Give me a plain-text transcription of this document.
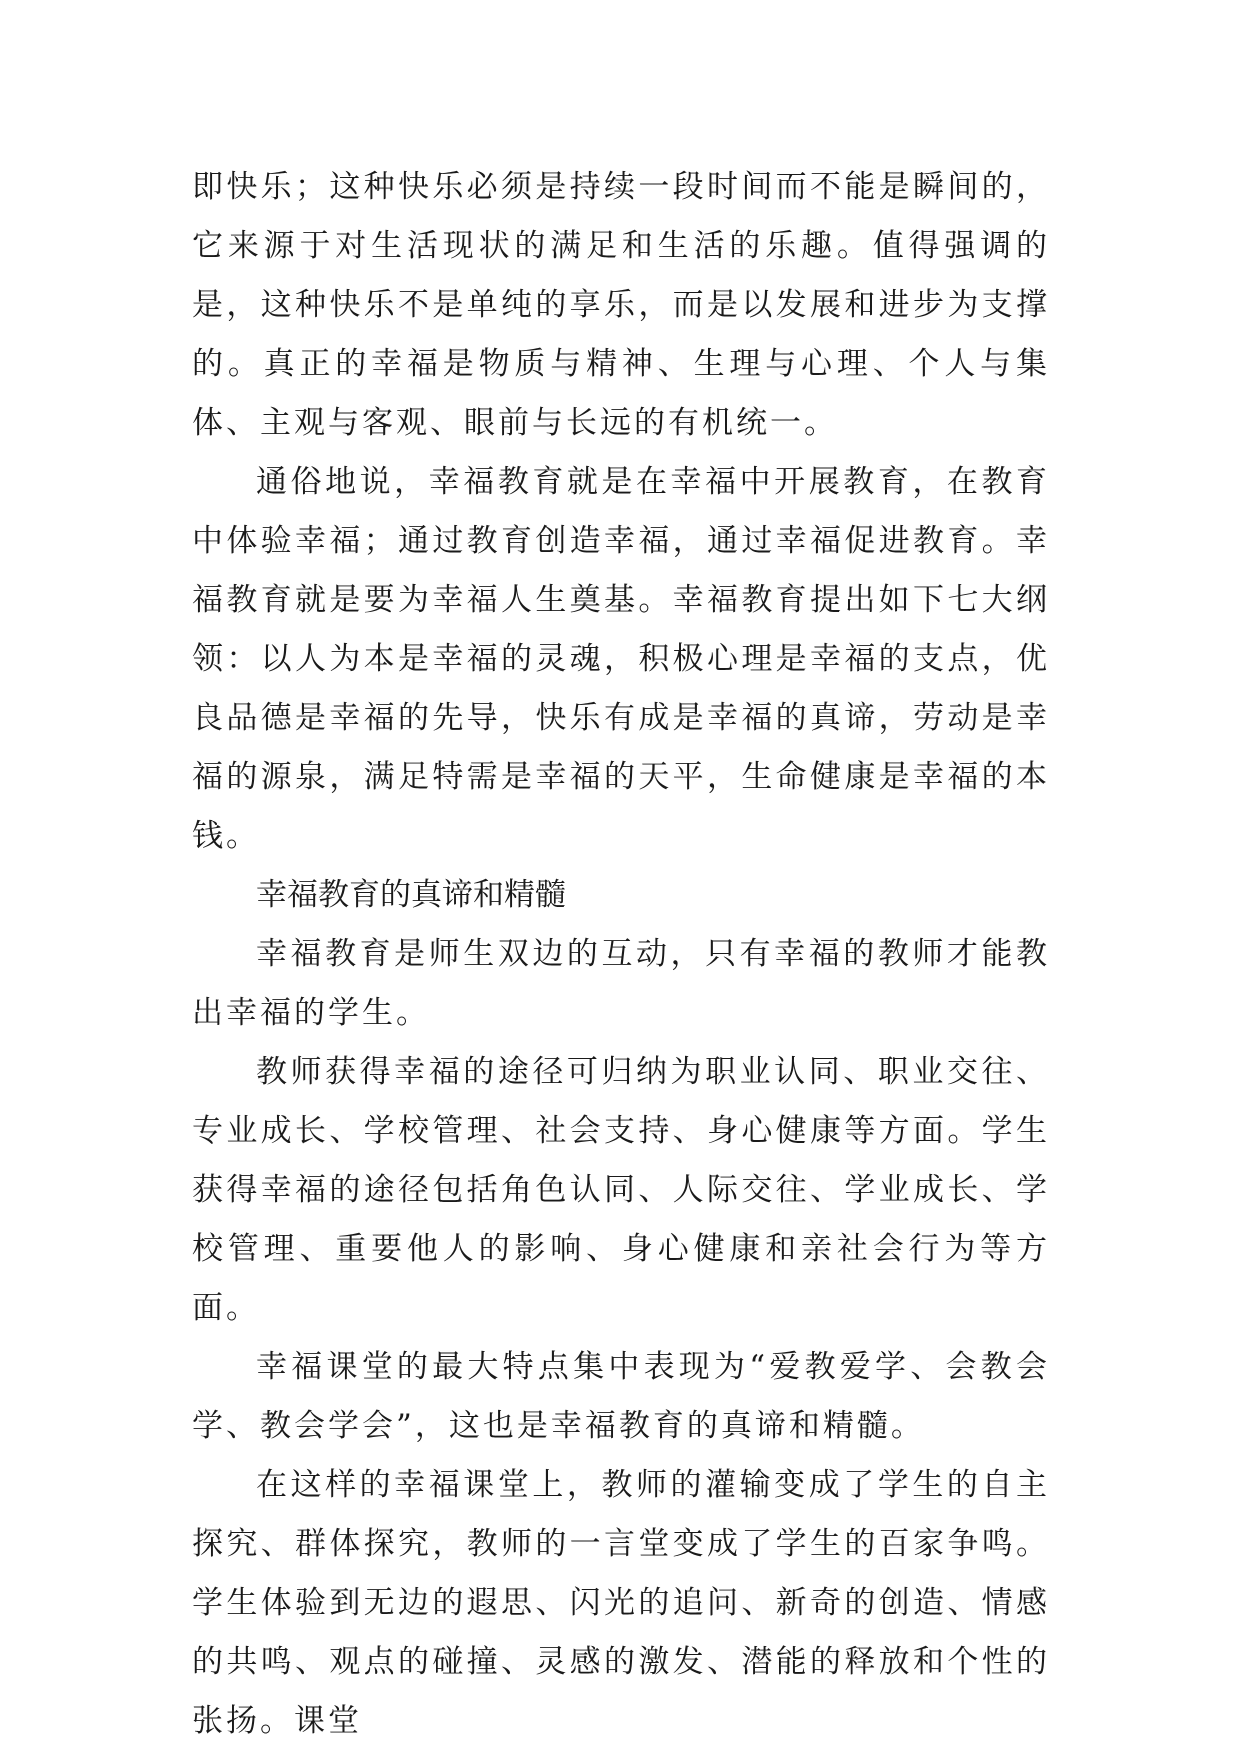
即快乐；这种快乐必须是持续一段时间而不能是瞬间的，它来源于对生活现状的满足和生活的乐趣。值得强调的是，这种快乐不是单纯的享乐，而是以发展和进步为支撑的。真正的幸福是物质与精神、生理与心理、个人与集体、主观与客观、眼前与长远的有机统一。

通俗地说，幸福教育就是在幸福中开展教育，在教育中体验幸福；通过教育创造幸福，通过幸福促进教育。幸福教育就是要为幸福人生奠基。幸福教育提出如下七大纲领：以人为本是幸福的灵魂，积极心理是幸福的支点，优良品德是幸福的先导，快乐有成是幸福的真谛，劳动是幸福的源泉，满足特需是幸福的天平，生命健康是幸福的本钱。

幸福教育的真谛和精髓

幸福教育是师生双边的互动，只有幸福的教师才能教出幸福的学生。

教师获得幸福的途径可归纳为职业认同、职业交往、专业成长、学校管理、社会支持、身心健康等方面。学生获得幸福的途径包括角色认同、人际交往、学业成长、学校管理、重要他人的影响、身心健康和亲社会行为等方面。

幸福课堂的最大特点集中表现为“爱教爱学、会教会学、教会学会”，这也是幸福教育的真谛和精髓。

在这样的幸福课堂上，教师的灌输变成了学生的自主探究、群体探究，教师的一言堂变成了学生的百家争鸣。学生体验到无边的遐思、闪光的追问、新奇的创造、情感的共鸣、观点的碰撞、灵感的激发、潜能的释放和个性的张扬。课堂
